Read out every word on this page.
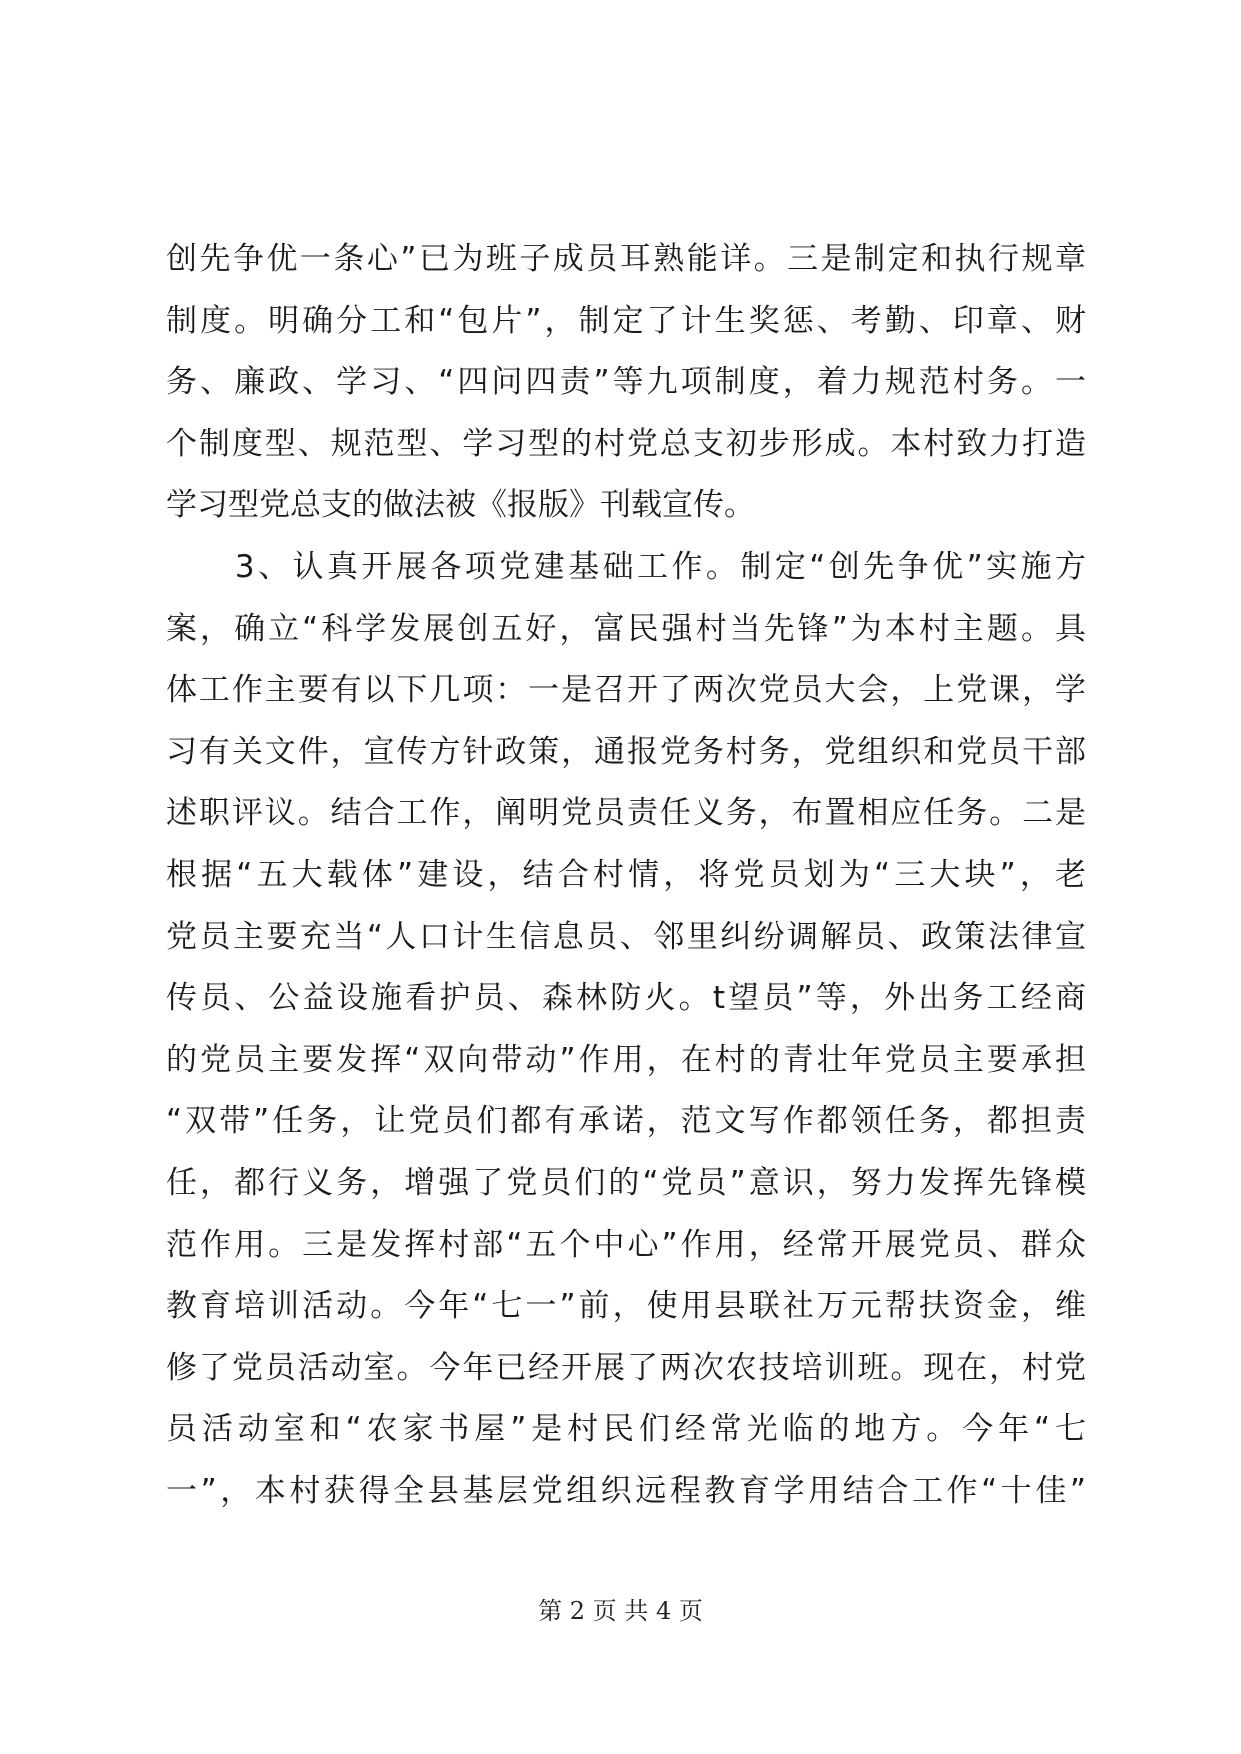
创先争优一条心”已为班子成员耳熟能详。三是制定和执行规章
制度。明确分工和“包片”，制定了计生奖惩、考勤、印章、财
务、廉政、学习、“四问四责”等九项制度，着力规范村务。一
个制度型、规范型、学习型的村党总支初步形成。本村致力打造
学习型党总支的做法被《报版》刊载宣传。
　　3、认真开展各项党建基础工作。制定“创先争优”实施方
案，确立“科学发展创五好，富民强村当先锋”为本村主题。具
体工作主要有以下几项：一是召开了两次党员大会，上党课，学
习有关文件，宣传方针政策，通报党务村务，党组织和党员干部
述职评议。结合工作，阐明党员责任义务，布置相应任务。二是
根据“五大载体”建设，结合村情，将党员划为“三大块”，老
党员主要充当“人口计生信息员、邻里纠纷调解员、政策法律宣
传员、公益设施看护员、森林防火。t望员”等，外出务工经商
的党员主要发挥“双向带动”作用，在村的青壮年党员主要承担
“双带”任务，让党员们都有承诺，范文写作都领任务，都担责
任，都行义务，增强了党员们的“党员”意识，努力发挥先锋模
范作用。三是发挥村部“五个中心”作用，经常开展党员、群众
教育培训活动。今年“七一”前，使用县联社万元帮扶资金，维
修了党员活动室。今年已经开展了两次农技培训班。现在，村党
员活动室和“农家书屋”是村民们经常光临的地方。今年“七
一”，本村获得全县基层党组织远程教育学用结合工作“十佳”
第 2 页 共 4 页
